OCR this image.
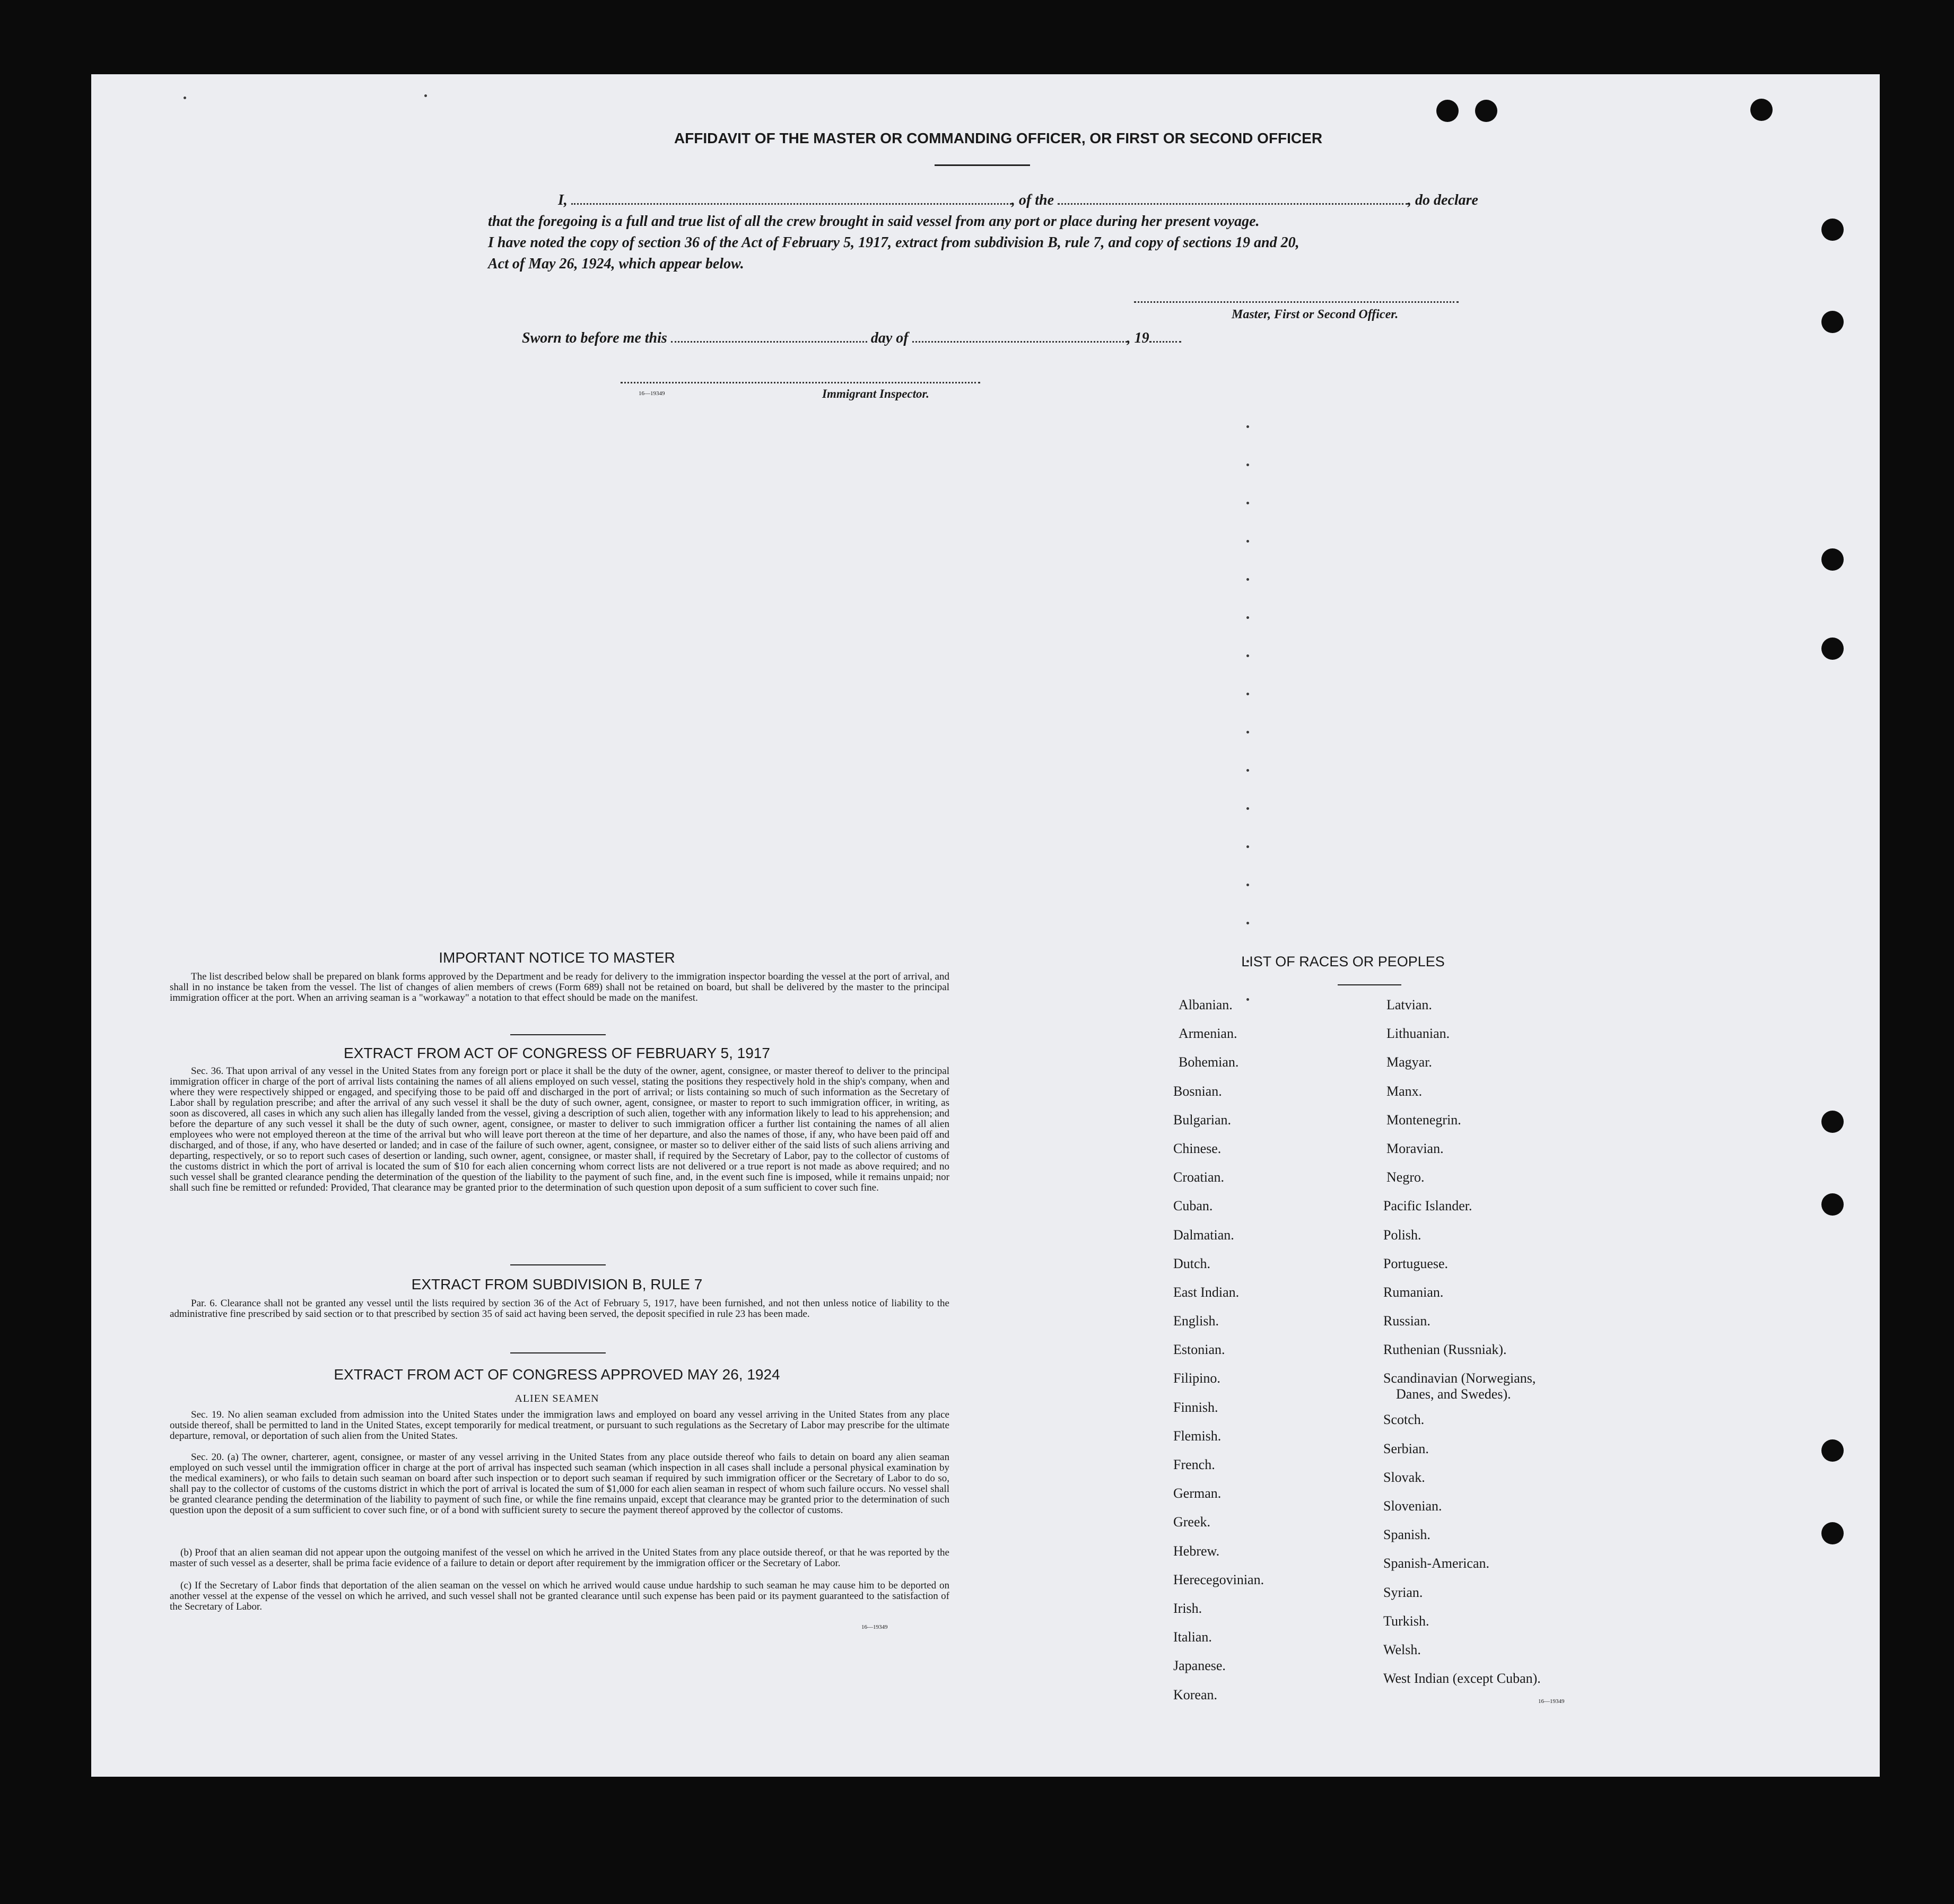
AFFIDAVIT OF THE MASTER OR COMMANDING OFFICER, OR FIRST OR SECOND OFFICER
I,	, of the	, do declare
that the foregoing is a full and true list of all the crew brought in said vessel from any port or place during her present voyage.
I have noted the copy of section 36 of the Act of February 5, 1917, extract from subdivision B, rule 7, and copy of sections 19 and 20,
Act of May 26, 1924, which appear below.
Master, First or Second Officer.
Sworn to before me this	day of	, 19
16—19349	Immigrant Inspector.
IMPORTANT NOTICE TO MASTER
The list described below shall be prepared on blank forms approved by the Department and be ready for delivery to the immigration inspector boarding the vessel at the port of arrival, and shall in no instance be taken from the vessel. The list of changes of alien members of crews (Form 689) shall not be retained on board, but shall be delivered by the master to the principal immigration officer at the port. When an arriving seaman is a "workaway" a notation to that effect should be made on the manifest.
EXTRACT FROM ACT OF CONGRESS OF FEBRUARY 5, 1917
Sec. 36. That upon arrival of any vessel in the United States from any foreign port or place it shall be the duty of the owner, agent, consignee, or master thereof to deliver to the principal immigration officer in charge of the port of arrival lists containing the names of all aliens employed on such vessel, stating the positions they respectively hold in the ship's company, when and where they were respectively shipped or engaged, and specifying those to be paid off and discharged in the port of arrival; or lists containing so much of such information as the Secretary of Labor shall by regulation prescribe; and after the arrival of any such vessel it shall be the duty of such owner, agent, consignee, or master to report to such immigration officer, in writing, as soon as discovered, all cases in which any such alien has illegally landed from the vessel, giving a description of such alien, together with any information likely to lead to his apprehension; and before the departure of any such vessel it shall be the duty of such owner, agent, consignee, or master to deliver to such immigration officer a further list containing the names of all alien employees who were not employed thereon at the time of the arrival but who will leave port thereon at the time of her departure, and also the names of those, if any, who have been paid off and discharged, and of those, if any, who have deserted or landed; and in case of the failure of such owner, agent, consignee, or master so to deliver either of the said lists of such aliens arriving and departing, respectively, or so to report such cases of desertion or landing, such owner, agent, consignee, or master shall, if required by the Secretary of Labor, pay to the collector of customs of the customs district in which the port of arrival is located the sum of $10 for each alien concerning whom correct lists are not delivered or a true report is not made as above required; and no such vessel shall be granted clearance pending the determination of the question of the liability to the payment of such fine, and, in the event such fine is imposed, while it remains unpaid; nor shall such fine be remitted or refunded: Provided, That clearance may be granted prior to the determination of such question upon deposit of a sum sufficient to cover such fine.
EXTRACT FROM SUBDIVISION B, RULE 7
Par. 6. Clearance shall not be granted any vessel until the lists required by section 36 of the Act of February 5, 1917, have been furnished, and not then unless notice of liability to the administrative fine prescribed by said section or to that prescribed by section 35 of said act having been served, the deposit specified in rule 23 has been made.
EXTRACT FROM ACT OF CONGRESS APPROVED MAY 26, 1924
ALIEN SEAMEN
Sec. 19. No alien seaman excluded from admission into the United States under the immigration laws and employed on board any vessel arriving in the United States from any place outside thereof, shall be permitted to land in the United States, except temporarily for medical treatment, or pursuant to such regulations as the Secretary of Labor may prescribe for the ultimate departure, removal, or deportation of such alien from the United States.
Sec. 20. (a) The owner, charterer, agent, consignee, or master of any vessel arriving in the United States from any place outside thereof who fails to detain on board any alien seaman employed on such vessel until the immigration officer in charge at the port of arrival has inspected such seaman (which inspection in all cases shall include a personal physical examination by the medical examiners), or who fails to detain such seaman on board after such inspection or to deport such seaman if required by such immigration officer or the Secretary of Labor to do so, shall pay to the collector of customs of the customs district in which the port of arrival is located the sum of $1,000 for each alien seaman in respect of whom such failure occurs. No vessel shall be granted clearance pending the determination of the liability to payment of such fine, or while the fine remains unpaid, except that clearance may be granted prior to the determination of such question upon the deposit of a sum sufficient to cover such fine, or of a bond with sufficient surety to secure the payment thereof approved by the collector of customs.
(b) Proof that an alien seaman did not appear upon the outgoing manifest of the vessel on which he arrived in the United States from any place outside thereof, or that he was reported by the master of such vessel as a deserter, shall be prima facie evidence of a failure to detain or deport after requirement by the immigration officer or the Secretary of Labor.
(c) If the Secretary of Labor finds that deportation of the alien seaman on the vessel on which he arrived would cause undue hardship to such seaman he may cause him to be deported on another vessel at the expense of the vessel on which he arrived, and such vessel shall not be granted clearance until such expense has been paid or its payment guaranteed to the satisfaction of the Secretary of Labor.
16—19349
LIST OF RACES OR PEOPLES
Albanian.
Armenian.
Bohemian.
Bosnian.
Bulgarian.
Chinese.
Croatian.
Cuban.
Dalmatian.
Dutch.
East Indian.
English.
Estonian.
Filipino.
Finnish.
Flemish.
French.
German.
Greek.
Hebrew.
Herecegovinian.
Irish.
Italian.
Japanese.
Korean.
Latvian.
Lithuanian.
Magyar.
Manx.
Montenegrin.
Moravian.
Negro.
Pacific Islander.
Polish.
Portuguese.
Rumanian.
Russian.
Ruthenian (Russniak).
Scandinavian (Norwegians,
Danes, and Swedes).
Scotch.
Serbian.
Slovak.
Slovenian.
Spanish.
Spanish-American.
Syrian.
Turkish.
Welsh.
West Indian (except Cuban).
16—19349
